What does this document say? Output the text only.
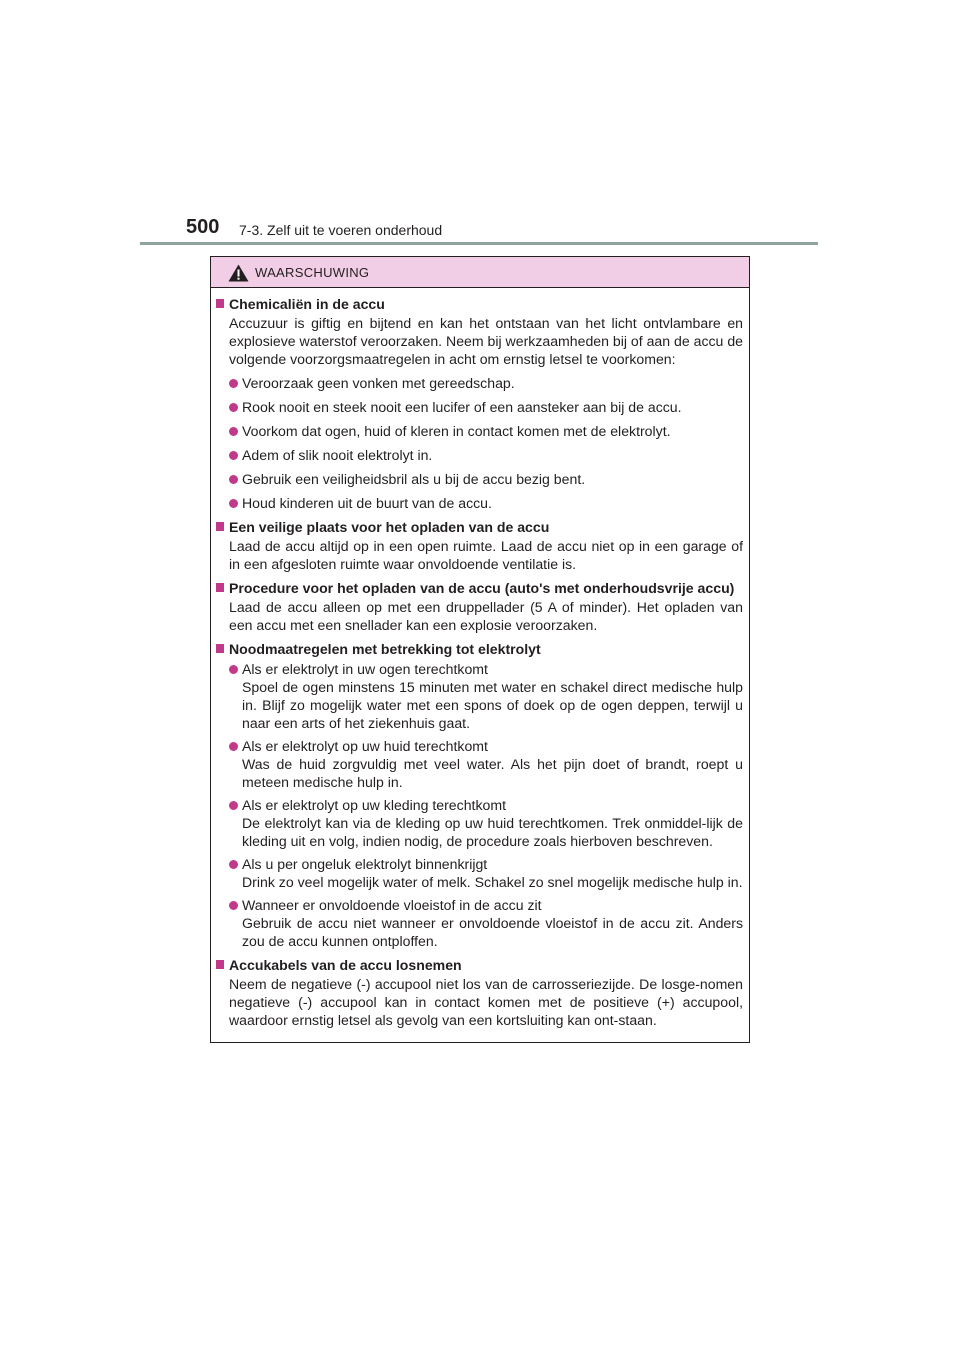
500 7-3. Zelf uit te voeren onderhoud
WAARSCHUWING
Chemicaliën in de accu
Accuzuur is giftig en bijtend en kan het ontstaan van het licht ontvlambare en explosieve waterstof veroorzaken. Neem bij werkzaamheden bij of aan de accu de volgende voorzorgsmaatregelen in acht om ernstig letsel te voorkomen:
Veroorzaak geen vonken met gereedschap.
Rook nooit en steek nooit een lucifer of een aansteker aan bij de accu.
Voorkom dat ogen, huid of kleren in contact komen met de elektrolyt.
Adem of slik nooit elektrolyt in.
Gebruik een veiligheidsbril als u bij de accu bezig bent.
Houd kinderen uit de buurt van de accu.
Een veilige plaats voor het opladen van de accu
Laad de accu altijd op in een open ruimte. Laad de accu niet op in een garage of in een afgesloten ruimte waar onvoldoende ventilatie is.
Procedure voor het opladen van de accu (auto's met onderhoudsvrije accu)
Laad de accu alleen op met een druppellader (5 A of minder). Het opladen van een accu met een snellader kan een explosie veroorzaken.
Noodmaatregelen met betrekking tot elektrolyt
Als er elektrolyt in uw ogen terechtkomt
Spoel de ogen minstens 15 minuten met water en schakel direct medische hulp in. Blijf zo mogelijk water met een spons of doek op de ogen deppen, terwijl u naar een arts of het ziekenhuis gaat.
Als er elektrolyt op uw huid terechtkomt
Was de huid zorgvuldig met veel water. Als het pijn doet of brandt, roept u meteen medische hulp in.
Als er elektrolyt op uw kleding terechtkomt
De elektrolyt kan via de kleding op uw huid terechtkomen. Trek onmiddel-lijk de kleding uit en volg, indien nodig, de procedure zoals hierboven beschreven.
Als u per ongeluk elektrolyt binnenkrijgt
Drink zo veel mogelijk water of melk. Schakel zo snel mogelijk medische hulp in.
Wanneer er onvoldoende vloeistof in de accu zit
Gebruik de accu niet wanneer er onvoldoende vloeistof in de accu zit. Anders zou de accu kunnen ontploffen.
Accukabels van de accu losnemen
Neem de negatieve (-) accupool niet los van de carrosseriezijde. De losge-nomen negatieve (-) accupool kan in contact komen met de positieve (+) accupool, waardoor ernstig letsel als gevolg van een kortsluiting kan ont-staan.
